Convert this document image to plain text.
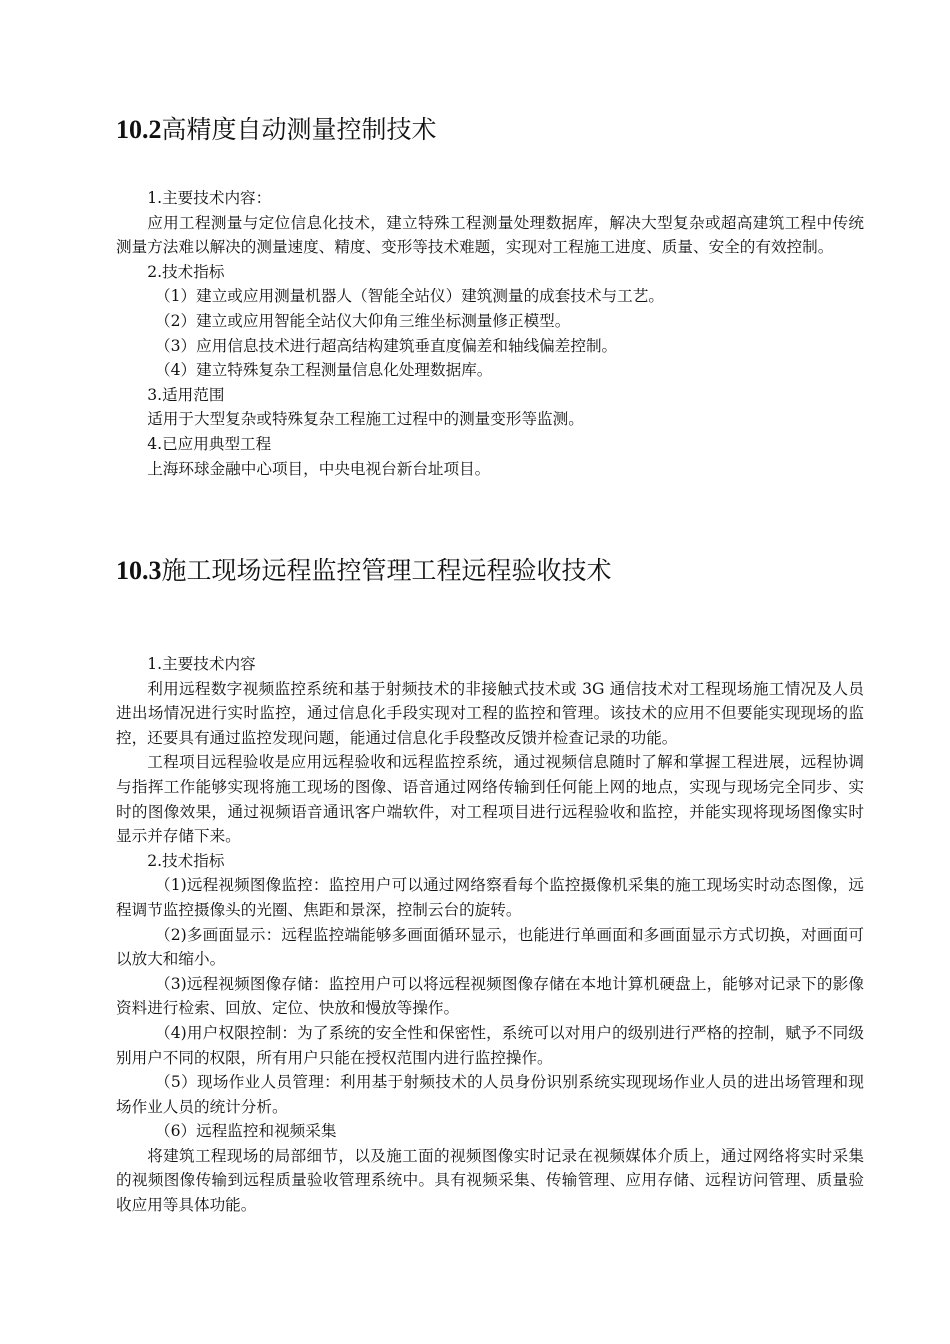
10.2高精度自动测量控制技术

1.主要技术内容：

应用工程测量与定位信息化技术，建立特殊工程测量处理数据库，解决大型复杂或超高建筑工程中传统测量方法难以解决的测量速度、精度、变形等技术难题，实现对工程施工进度、质量、安全的有效控制。

2.技术指标

（1）建立或应用测量机器人（智能全站仪）建筑测量的成套技术与工艺。

（2）建立或应用智能全站仪大仰角三维坐标测量修正模型。

（3）应用信息技术进行超高结构建筑垂直度偏差和轴线偏差控制。

（4）建立特殊复杂工程测量信息化处理数据库。

3.适用范围

适用于大型复杂或特殊复杂工程施工过程中的测量变形等监测。

4.已应用典型工程

上海环球金融中心项目，中央电视台新台址项目。

10.3施工现场远程监控管理工程远程验收技术

1.主要技术内容

利用远程数字视频监控系统和基于射频技术的非接触式技术或 3G 通信技术对工程现场施工情况及人员进出场情况进行实时监控，通过信息化手段实现对工程的监控和管理。该技术的应用不但要能实现现场的监控，还要具有通过监控发现问题，能通过信息化手段整改反馈并检查记录的功能。

工程项目远程验收是应用远程验收和远程监控系统，通过视频信息随时了解和掌握工程进展，远程协调与指挥工作能够实现将施工现场的图像、语音通过网络传输到任何能上网的地点，实现与现场完全同步、实时的图像效果，通过视频语音通讯客户端软件，对工程项目进行远程验收和监控，并能实现将现场图像实时显示并存储下来。

2.技术指标

（1)远程视频图像监控：监控用户可以通过网络察看每个监控摄像机采集的施工现场实时动态图像，远程调节监控摄像头的光圈、焦距和景深，控制云台的旋转。

（2)多画面显示：远程监控端能够多画面循环显示，也能进行单画面和多画面显示方式切换，对画面可以放大和缩小。

（3)远程视频图像存储：监控用户可以将远程视频图像存储在本地计算机硬盘上，能够对记录下的影像资料进行检索、回放、定位、快放和慢放等操作。

（4)用户权限控制：为了系统的安全性和保密性，系统可以对用户的级别进行严格的控制，赋予不同级别用户不同的权限，所有用户只能在授权范围内进行监控操作。

（5）现场作业人员管理：利用基于射频技术的人员身份识别系统实现现场作业人员的进出场管理和现场作业人员的统计分析。

（6）远程监控和视频采集

将建筑工程现场的局部细节，以及施工面的视频图像实时记录在视频媒体介质上，通过网络将实时采集的视频图像传输到远程质量验收管理系统中。具有视频采集、传输管理、应用存储、远程访问管理、质量验收应用等具体功能。
